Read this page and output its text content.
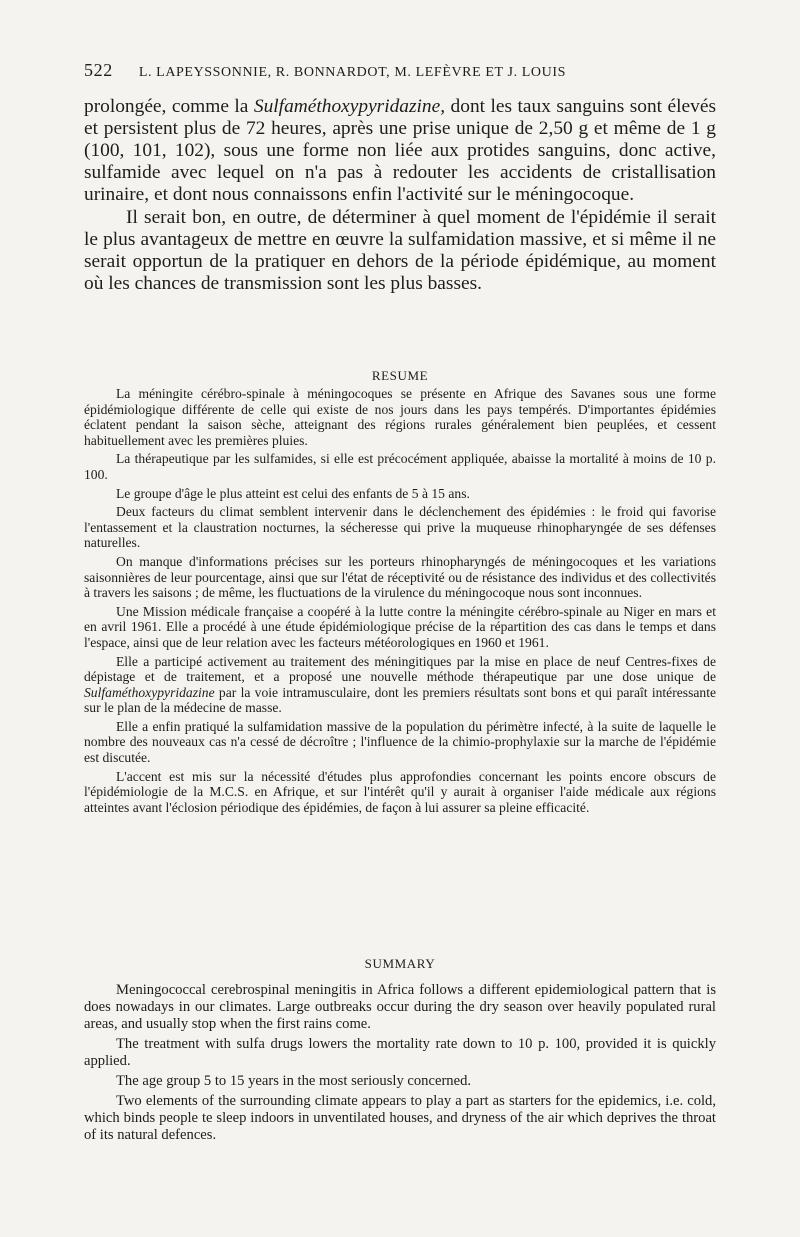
522 L. LAPEYSSONNIE, R. BONNARDOT, M. LEFÈVRE ET J. LOUIS

prolongée, comme la Sulfaméthoxypyridazine, dont les taux sanguins sont élevés et persistent plus de 72 heures, après une prise unique de 2,50 g et même de 1 g (100, 101, 102), sous une forme non liée aux protides sanguins, donc active, sulfamide avec lequel on n'a pas à redouter les accidents de cristallisation urinaire, et dont nous connaissons enfin l'activité sur le méningocoque.

Il serait bon, en outre, de déterminer à quel moment de l'épidémie il serait le plus avantageux de mettre en œuvre la sulfamidation massive, et si même il ne serait opportun de la pratiquer en dehors de la période épidémique, au moment où les chances de transmission sont les plus basses.

RESUME

La méningite cérébro-spinale à méningocoques se présente en Afrique des Savanes sous une forme épidémiologique différente de celle qui existe de nos jours dans les pays tempérés. D'importantes épidémies éclatent pendant la saison sèche, atteignant des régions rurales généralement bien peuplées, et cessent habituellement avec les premières pluies.

La thérapeutique par les sulfamides, si elle est précocément appliquée, abaisse la mortalité à moins de 10 p. 100.

Le groupe d'âge le plus atteint est celui des enfants de 5 à 15 ans.

Deux facteurs du climat semblent intervenir dans le déclenchement des épidémies : le froid qui favorise l'entassement et la claustration nocturnes, la sécheresse qui prive la muqueuse rhinopharyngée de ses défenses naturelles.

On manque d'informations précises sur les porteurs rhinopharyngés de méningocoques et les variations saisonnières de leur pourcentage, ainsi que sur l'état de réceptivité ou de résistance des individus et des collectivités à travers les saisons ; de même, les fluctuations de la virulence du méningocoque nous sont inconnues.

Une Mission médicale française a coopéré à la lutte contre la méningite cérébro-spinale au Niger en mars et en avril 1961. Elle a procédé à une étude épidémiologique précise de la répartition des cas dans le temps et dans l'espace, ainsi que de leur relation avec les facteurs météorologiques en 1960 et 1961.

Elle a participé activement au traitement des méningitiques par la mise en place de neuf Centres-fixes de dépistage et de traitement, et a proposé une nouvelle méthode thérapeutique par une dose unique de Sulfaméthoxypyridazine par la voie intramusculaire, dont les premiers résultats sont bons et qui paraît intéressante sur le plan de la médecine de masse.

Elle a enfin pratiqué la sulfamidation massive de la population du périmètre infecté, à la suite de laquelle le nombre des nouveaux cas n'a cessé de décroître ; l'influence de la chimio-prophylaxie sur la marche de l'épidémie est discutée.

L'accent est mis sur la nécessité d'études plus approfondies concernant les points encore obscurs de l'épidémiologie de la M.C.S. en Afrique, et sur l'intérêt qu'il y aurait à organiser l'aide médicale aux régions atteintes avant l'éclosion périodique des épidémies, de façon à lui assurer sa pleine efficacité.

SUMMARY

Meningococcal cerebrospinal meningitis in Africa follows a different epidemiological pattern that is does nowadays in our climates. Large outbreaks occur during the dry season over heavily populated rural areas, and usually stop when the first rains come.

The treatment with sulfa drugs lowers the mortality rate down to 10 p. 100, provided it is quickly applied.

The age group 5 to 15 years in the most seriously concerned.

Two elements of the surrounding climate appears to play a part as starters for the epidemics, i.e. cold, which binds people te sleep indoors in unventilated houses, and dryness of the air which deprives the throat of its natural defences.
